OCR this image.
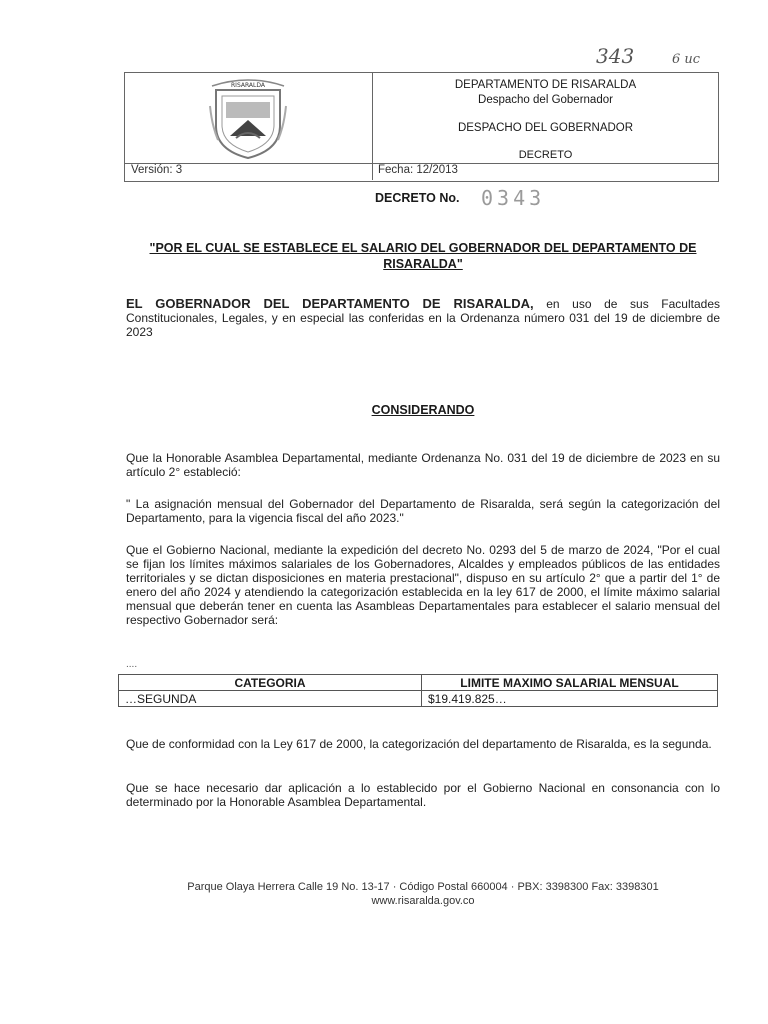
343	6 uc
RISARALDA	DEPARTAMENTO DE RISARALDA
Despacho del Gobernador
DESPACHO DEL GOBERNADOR
DECRETO
Versión: 3	Fecha: 12/2013
DECRETO No. 0343
"POR EL CUAL SE ESTABLECE EL SALARIO DEL GOBERNADOR DEL DEPARTAMENTO DE RISARALDA"
EL GOBERNADOR DEL DEPARTAMENTO DE RISARALDA, en uso de sus Facultades Constitucionales, Legales, y en especial las conferidas en la Ordenanza número 031 del 19 de diciembre de 2023
CONSIDERANDO
Que la Honorable Asamblea Departamental, mediante Ordenanza No. 031 del 19 de diciembre de 2023 en su artículo 2° estableció:
" La asignación mensual del Gobernador del Departamento de Risaralda, será según la categorización del Departamento, para la vigencia fiscal del año 2023."
Que el Gobierno Nacional, mediante la expedición del decreto No. 0293 del 5 de marzo de 2024, "Por el cual se fijan los límites máximos salariales de los Gobernadores, Alcaldes y empleados públicos de las entidades territoriales y se dictan disposiciones en materia prestacional", dispuso en su artículo 2° que a partir del 1° de enero del año 2024 y atendiendo la categorización establecida en la ley 617 de 2000, el límite máximo salarial mensual que deberán tener en cuenta las Asambleas Departamentales para establecer el salario mensual del respectivo Gobernador será:
....
CATEGORIA	LIMITE MAXIMO SALARIAL MENSUAL
…SEGUNDA	$19.419.825…
Que de conformidad con la Ley 617 de 2000, la categorización del departamento de Risaralda, es la segunda.
Que se hace necesario dar aplicación a lo establecido por el Gobierno Nacional en consonancia con lo determinado por la Honorable Asamblea Departamental.
Parque Olaya Herrera Calle 19 No. 13-17 · Código Postal 660004 · PBX: 3398300 Fax: 3398301
www.risaralda.gov.co
